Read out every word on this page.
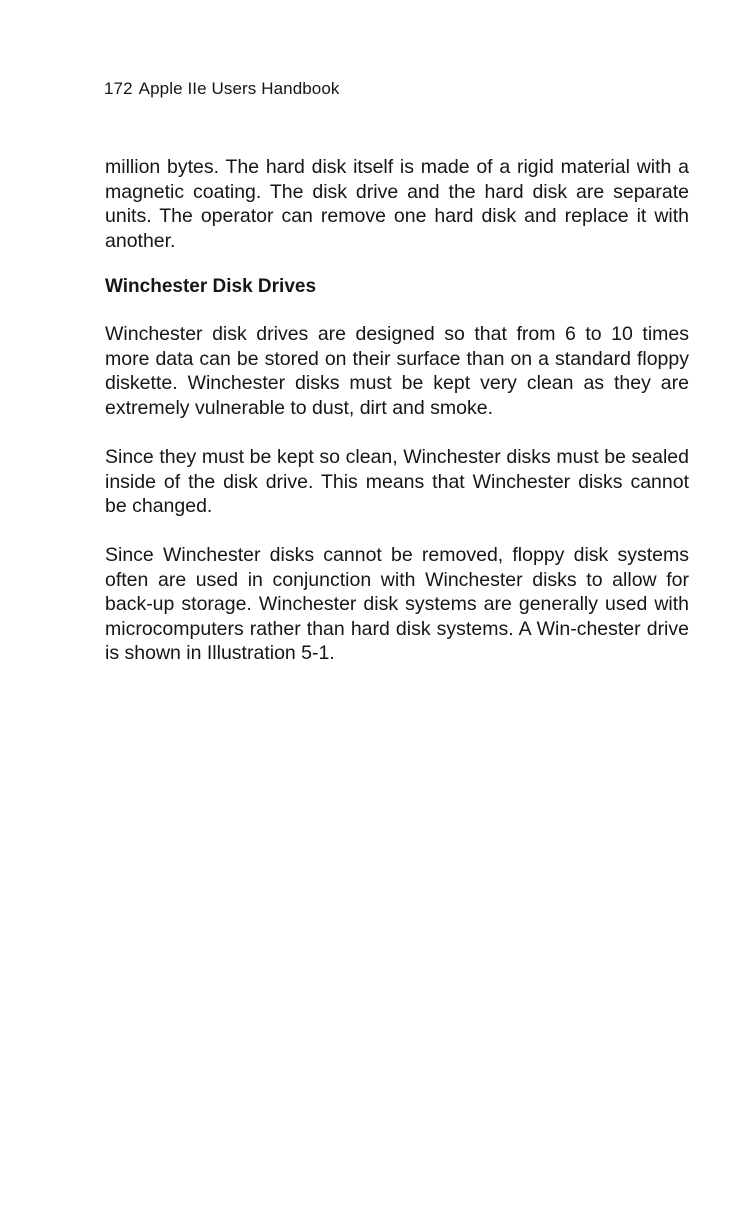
172 Apple IIe Users Handbook

million bytes. The hard disk itself is made of a rigid material with a magnetic coating. The disk drive and the hard disk are separate units. The operator can remove one hard disk and replace it with another.

Winchester Disk Drives

Winchester disk drives are designed so that from 6 to 10 times more data can be stored on their surface than on a standard floppy diskette. Winchester disks must be kept very clean as they are extremely vulnerable to dust, dirt and smoke.

Since they must be kept so clean, Winchester disks must be sealed inside of the disk drive. This means that Winchester disks cannot be changed.

Since Winchester disks cannot be removed, floppy disk systems often are used in conjunction with Winchester disks to allow for back-up storage. Winchester disk systems are generally used with microcomputers rather than hard disk systems. A Win-chester drive is shown in Illustration 5-1.
